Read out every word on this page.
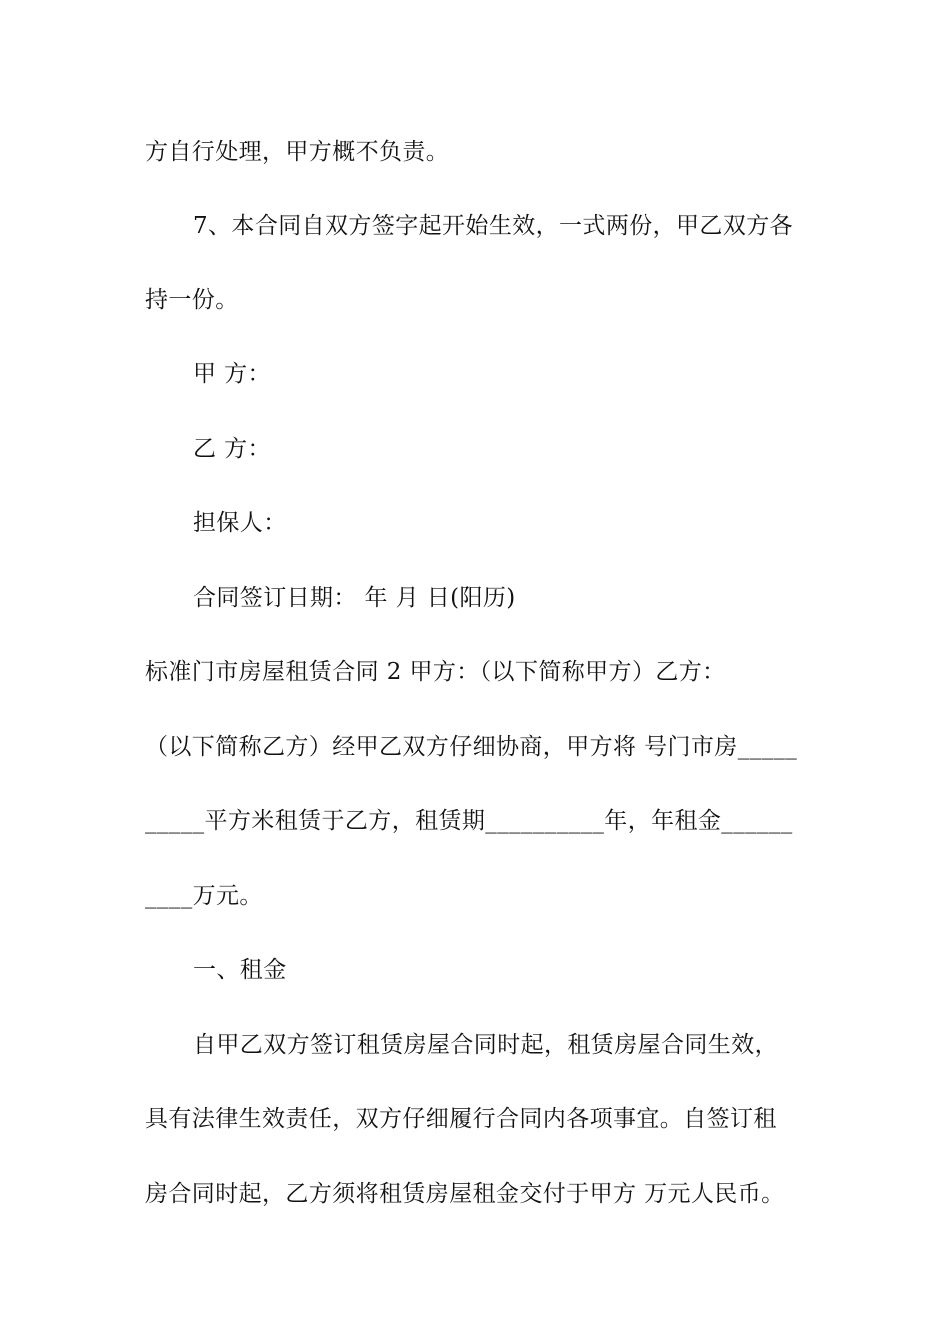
方自行处理，甲方概不负责。
7、本合同自双方签字起开始生效，一式两份，甲乙双方各
持一份。
甲 方：
乙 方：
担保人：
合同签订日期： 年 月 日(阳历)
标准门市房屋租赁合同 2 甲方：（以下简称甲方）乙方：
（以下简称乙方）经甲乙双方仔细协商，甲方将 号门市房_____
_____平方米租赁于乙方，租赁期__________年，年租金______
____万元。
一、租金
自甲乙双方签订租赁房屋合同时起，租赁房屋合同生效，
具有法律生效责任，双方仔细履行合同内各项事宜。自签订租
房合同时起，乙方须将租赁房屋租金交付于甲方 万元人民币。
